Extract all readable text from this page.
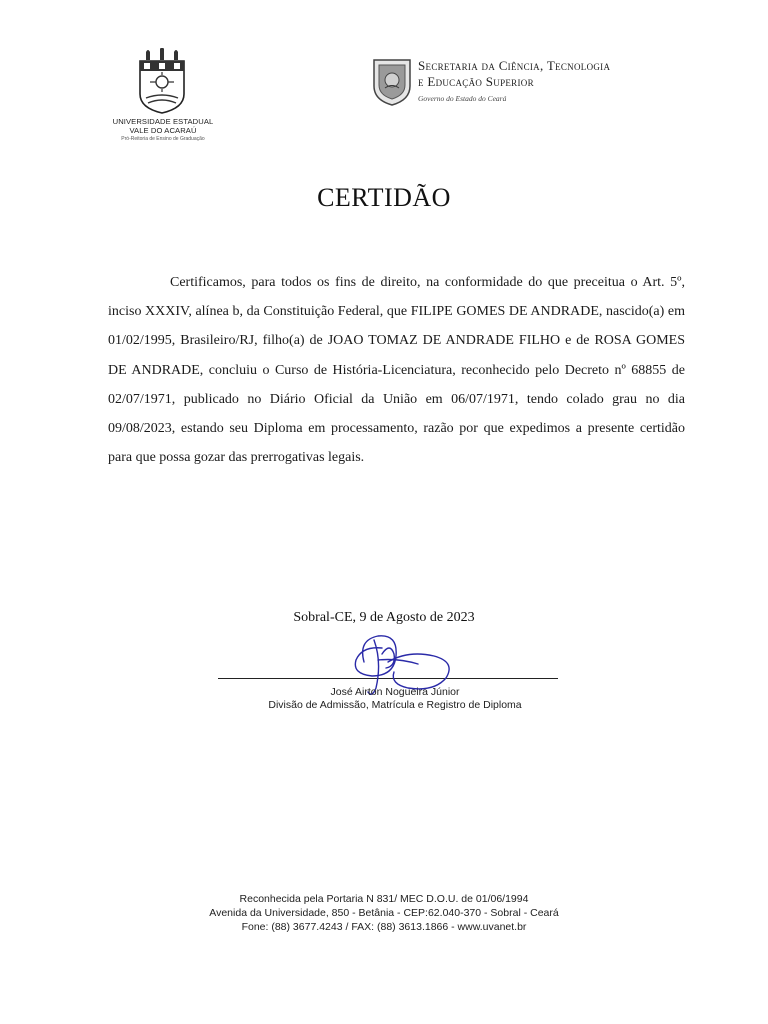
UNIVERSIDADE ESTADUAL
VALE DO ACARAÚ
Pró-Reitoria de Ensino de Graduação
Secretaria da Ciência, Tecnologia
e Educação Superior
Governo do Estado do Ceará
CERTIDÃO
Certificamos, para todos os fins de direito, na conformidade do que preceitua o Art. 5º, inciso XXXIV, alínea b, da Constituição Federal, que FILIPE GOMES DE ANDRADE, nascido(a) em 01/02/1995, Brasileiro/RJ, filho(a) de JOAO TOMAZ DE ANDRADE FILHO e de ROSA GOMES DE ANDRADE, concluiu o Curso de História-Licenciatura, reconhecido pelo Decreto nº 68855 de 02/07/1971, publicado no Diário Oficial da União em 06/07/1971, tendo colado grau no dia 09/08/2023, estando seu Diploma em processamento, razão por que expedimos a presente certidão para que possa gozar das prerrogativas legais.
Sobral-CE, 9 de Agosto de 2023
José Airton Nogueira Júnior
Divisão de Admissão, Matrícula e Registro de Diploma
Reconhecida pela Portaria N 831/ MEC D.O.U. de 01/06/1994
Avenida da Universidade, 850 - Betânia - CEP:62.040-370 - Sobral - Ceará
Fone: (88) 3677.4243 / FAX: (88) 3613.1866 - www.uvanet.br
